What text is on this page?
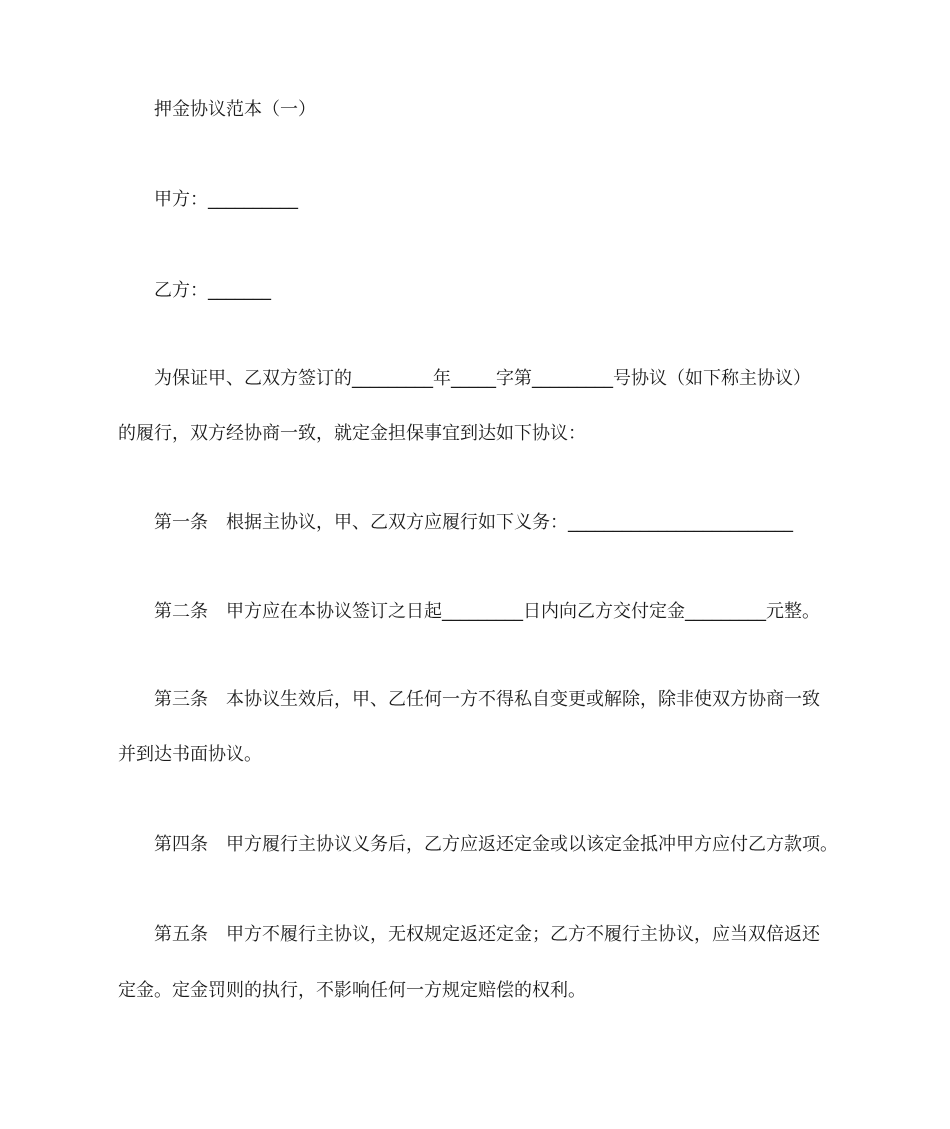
押金协议范本（一）
甲方：__________
乙方：_______
为保证甲、乙双方签订的_________年_____字第_________号协议（如下称主协议）
的履行，双方经协商一致，就定金担保事宜到达如下协议：
第一条 根据主协议，甲、乙双方应履行如下义务：_________________________
第二条 甲方应在本协议签订之日起_________日内向乙方交付定金_________元整。
第三条 本协议生效后，甲、乙任何一方不得私自变更或解除，除非使双方协商一致
并到达书面协议。
第四条 甲方履行主协议义务后，乙方应返还定金或以该定金抵冲甲方应付乙方款项。
第五条 甲方不履行主协议，无权规定返还定金；乙方不履行主协议，应当双倍返还
定金。定金罚则的执行，不影响任何一方规定赔偿的权利。
